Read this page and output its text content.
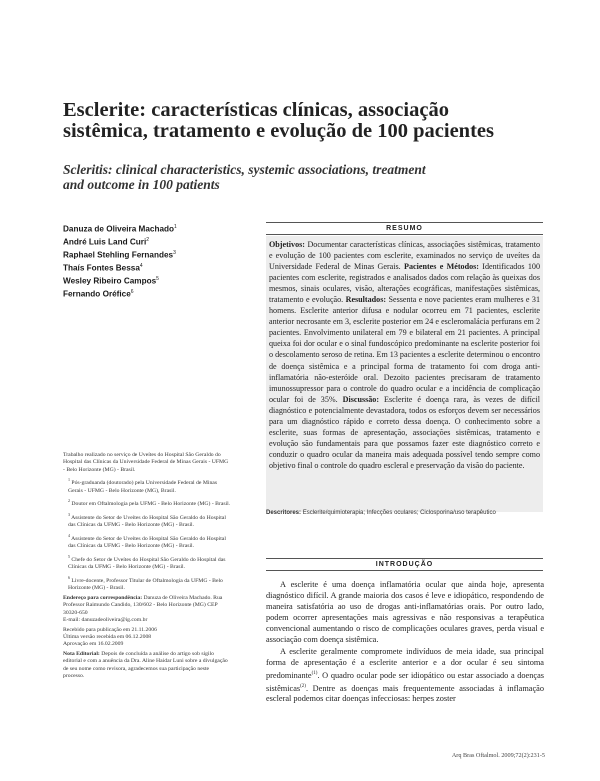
Esclerite: características clínicas, associação
sistêmica, tratamento e evolução de 100 pacientes
Scleritis: clinical characteristics, systemic associations, treatment
and outcome in 100 patients
Danuza de Oliveira Machado$^1$
André Luis Land Curi$^2$
Raphael Stehling Fernandes$^3$
Thaís Fontes Bessa$^4$
Wesley Ribeiro Campos$^5$
Fernando Oréfice$^6$

Trabalho realizado no serviço de Uveítes do Hospital São Geraldo do Hospital das Clínicas da Universidade Federal de Minas Gerais - UFMG - Belo Horizonte (MG) - Brasil.

$^1$ Pós-graduanda (doutorado) pela Universidade Federal de Minas Gerais - UFMG - Belo Horizonte (MG), Brasil.

$^2$ Doutor em Oftalmologia pela UFMG - Belo Horizonte (MG) - Brasil.

$^3$ Assistente do Setor de Uveítes do Hospital São Geraldo do Hospital das Clínicas da UFMG - Belo Horizonte (MG) - Brasil.

$^4$ Assistente do Setor de Uveítes do Hospital São Geraldo do Hospital das Clínicas da UFMG - Belo Horizonte (MG) - Brasil.

$^5$ Chefe do Setor de Uveítes do Hospital São Geraldo do Hospital das Clínicas da UFMG - Belo Horizonte (MG) - Brasil.

$^6$ Livre-docente, Professor Titular de Oftalmologia da UFMG - Belo Horizonte (MG) - Brasil.

Endereço para correspondência: Danuza de Oliveira Machado. Rua Professor Raimundo Candido, 130/602 - Belo Horizonte (MG) CEP 30320-650
E-mail: danuzadeoliveira@ig.com.br

Recebido para publicação em 21.11.2006
Última versão recebida em 06.12.2008
Aprovação em 16.02.2009

Nota Editorial: Depois de concluída a análise do artigo sob sigilo editorial e com a anuência da Dra. Aline Haidar Luni sobre a divulgação de seu nome como revisora, agradecemos sua participação neste processo.

RESUMO

Objetivos: Documentar características clínicas, associações sistêmicas, tratamento e evolução de 100 pacientes com esclerite, examinados no serviço de uveítes da Universidade Federal de Minas Gerais. Pacientes e Métodos: Identificados 100 pacientes com esclerite, registrados e analisados dados com relação às queixas dos mesmos, sinais oculares, visão, alterações ecográficas, manifestações sistêmicas, tratamento e evolução. Resultados: Sessenta e nove pacientes eram mulheres e 31 homens. Esclerite anterior difusa e nodular ocorreu em 71 pacientes, esclerite anterior necrosante em 3, esclerite posterior em 24 e escleromalácia perfurans em 2 pacientes. Envolvimento unilateral em 79 e bilateral em 21 pacientes. A principal queixa foi dor ocular e o sinal fundoscópico predominante na esclerite posterior foi o descolamento seroso de retina. Em 13 pacientes a esclerite determinou o encontro de doença sistêmica e a principal forma de tratamento foi com droga anti-inflamatória não-esteróide oral. Dezoito pacientes precisaram de tratamento imunossupressor para o controle do quadro ocular e a incidência de complicação ocular foi de 35%. Discussão: Esclerite é doença rara, às vezes de difícil diagnóstico e potencialmente devastadora, todos os esforços devem ser necessários para um diagnóstico rápido e correto dessa doença. O conhecimento sobre a esclerite, suas formas de apresentação, associações sistêmicas, tratamento e evolução são fundamentais para que possamos fazer este diagnóstico correto e conduzir o quadro ocular da maneira mais adequada possível tendo sempre como objetivo final o controle do quadro escleral e preservação da visão do paciente.

Descritores: Esclerite/quimioterapia; Infecções oculares; Ciclosporina/uso terapêutico
INTRODUÇÃO

A esclerite é uma doença inflamatória ocular que ainda hoje, apresenta diagnóstico difícil. A grande maioria dos casos é leve e idiopático, respondendo de maneira satisfatória ao uso de drogas anti-inflamatórias orais. Por outro lado, podem ocorrer apresentações mais agressivas e não responsivas a terapêutica convencional aumentando o risco de complicações oculares graves, perda visual e associação com doença sistêmica.

A esclerite geralmente compromete indivíduos de meia idade, sua principal forma de apresentação é a esclerite anterior e a dor ocular é seu sintoma predominante$^{(1)}$. O quadro ocular pode ser idiopático ou estar associado a doenças sistêmicas$^{(2)}$. Dentre as doenças mais frequentemente associadas à inflamação escleral podemos citar doenças infecciosas: herpes zoster

Arq Bras Oftalmol. 2009;72(2):231-5
